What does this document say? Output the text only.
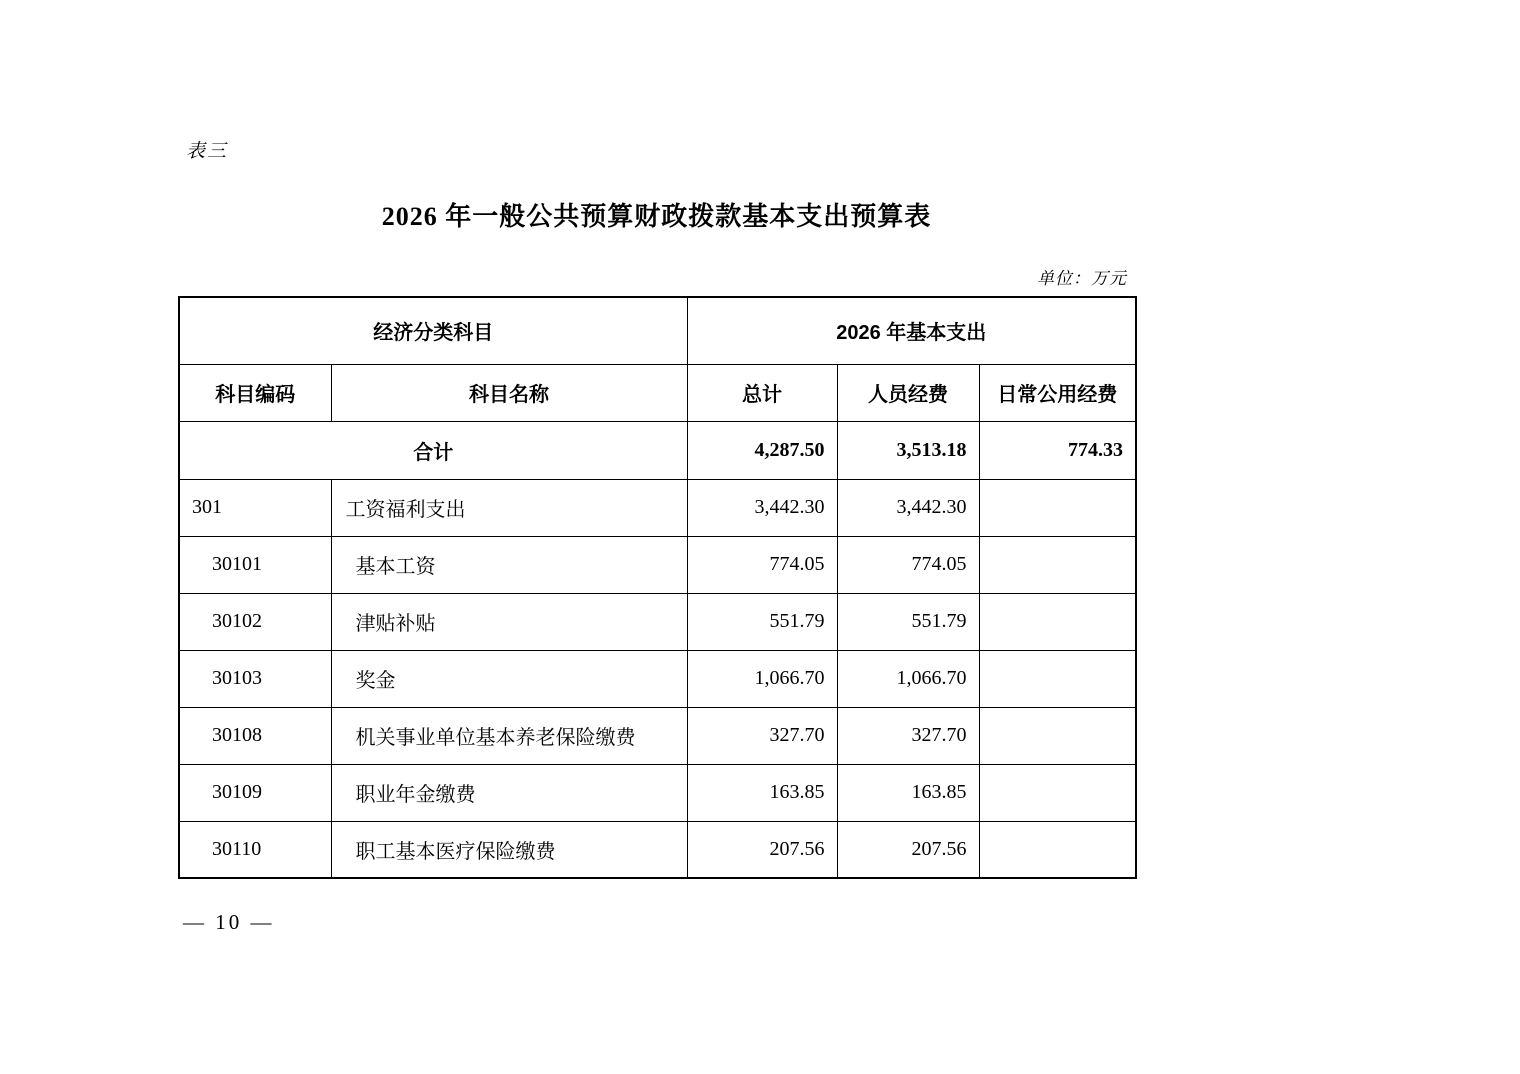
表三
2026 年一般公共预算财政拨款基本支出预算表
单位：万元
经济分类科目		2026 年基本支出		
科目编码	科目名称	总计	人员经费	日常公用经费
合计		4,287.50	3,513.18	774.33
301	工资福利支出	3,442.30	3,442.30	
30101	基本工资	774.05	774.05	
30102	津贴补贴	551.79	551.79	
30103	奖金	1,066.70	1,066.70	
30108	机关事业单位基本养老保险缴费	327.70	327.70	
30109	职业年金缴费	163.85	163.85	
30110	职工基本医疗保险缴费	207.56	207.56	
— 10 —
